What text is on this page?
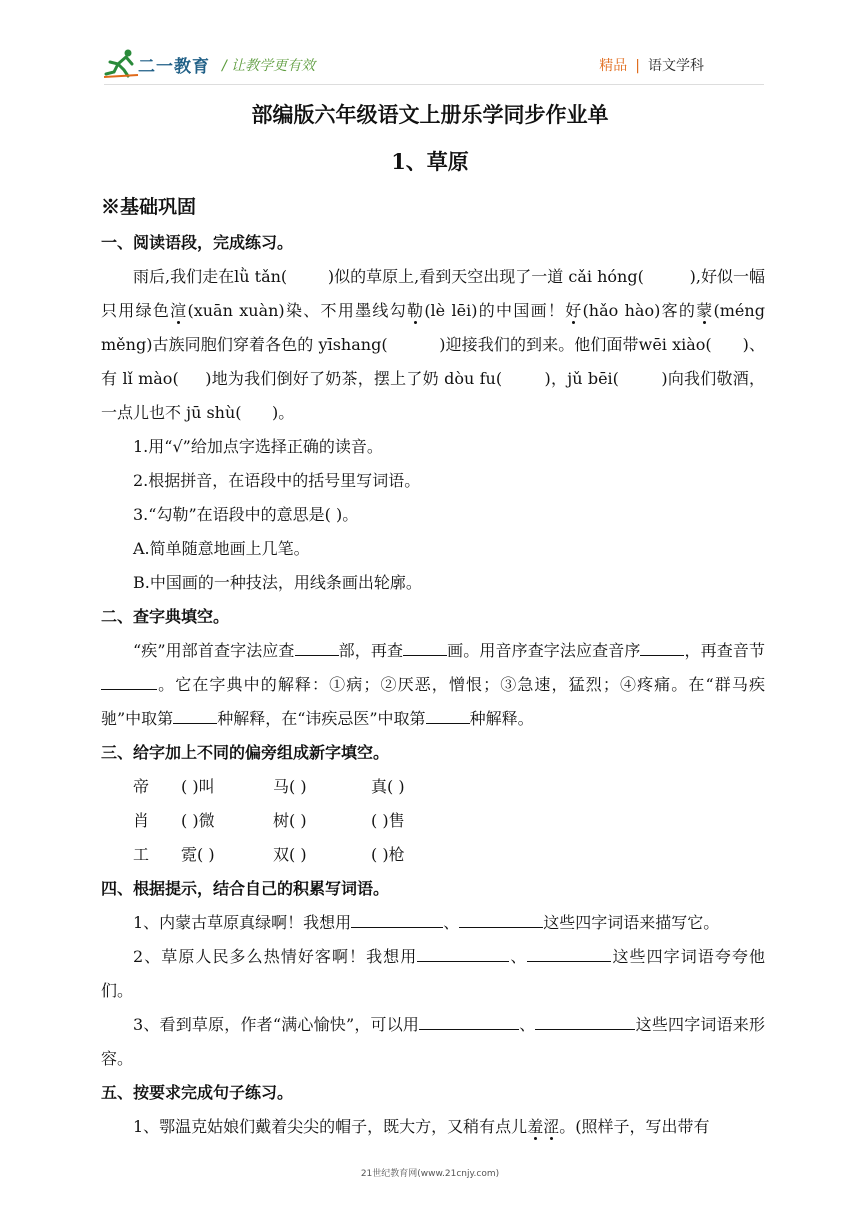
二一教育 / 让教学更有效	精品 | 语文学科
部编版六年级语文上册乐学同步作业单
1、草原
※基础巩固
一、阅读语段，完成练习。
雨后,我们走在lǜ tǎn(        )似的草原上,看到天空出现了一道 cǎi hóng(         ),好似一幅只用绿色渲(xuān xuàn)染、不用墨线勾勒(lè lēi)的中国画！好(hǎo hào)客的蒙(méng měng)古族同胞们穿着各色的 yīshang(          )迎接我们的到来。他们面带wēi xiào(      )、有 lǐ mào(     )地为我们倒好了奶茶，摆上了奶 dòu fu(        )，jǔ bēi(        )向我们敬酒，一点儿也不 jū shù(      )。
1.用“√”给加点字选择正确的读音。
2.根据拼音，在语段中的括号里写词语。
3.“勾勒”在语段中的意思是( )。
A.简单随意地画上几笔。
B.中国画的一种技法，用线条画出轮廓。
二、查字典填空。
“疾”用部首查字法应查	部，再查	画。用音序查字法应查音序	，再查音节。它在字典中的解释：①病；②厌恶，憎恨；③急速，猛烈；④疼痛。在“群马疾驰”中取第	种解释，在“讳疾忌医”中取第	种解释。
三、给字加上不同的偏旁组成新字填空。
帝	( )叫	马( )	真( )
肖	( )微	树( )	( )售
工	霓( )	双( )	( )枪
四、根据提示，结合自己的积累写词语。
1、内蒙古草原真绿啊！我想用	、	这些四字词语来描写它。
2、草原人民多么热情好客啊！我想用	、	这些四字词语夸夸他们。
3、看到草原，作者“满心愉快”，可以用	、	这些四字词语来形容。
五、按要求完成句子练习。
1、鄂温克姑娘们戴着尖尖的帽子，既大方，又稍有点儿羞涩。(照样子，写出带有
21世纪教育网(www.21cnjy.com)
